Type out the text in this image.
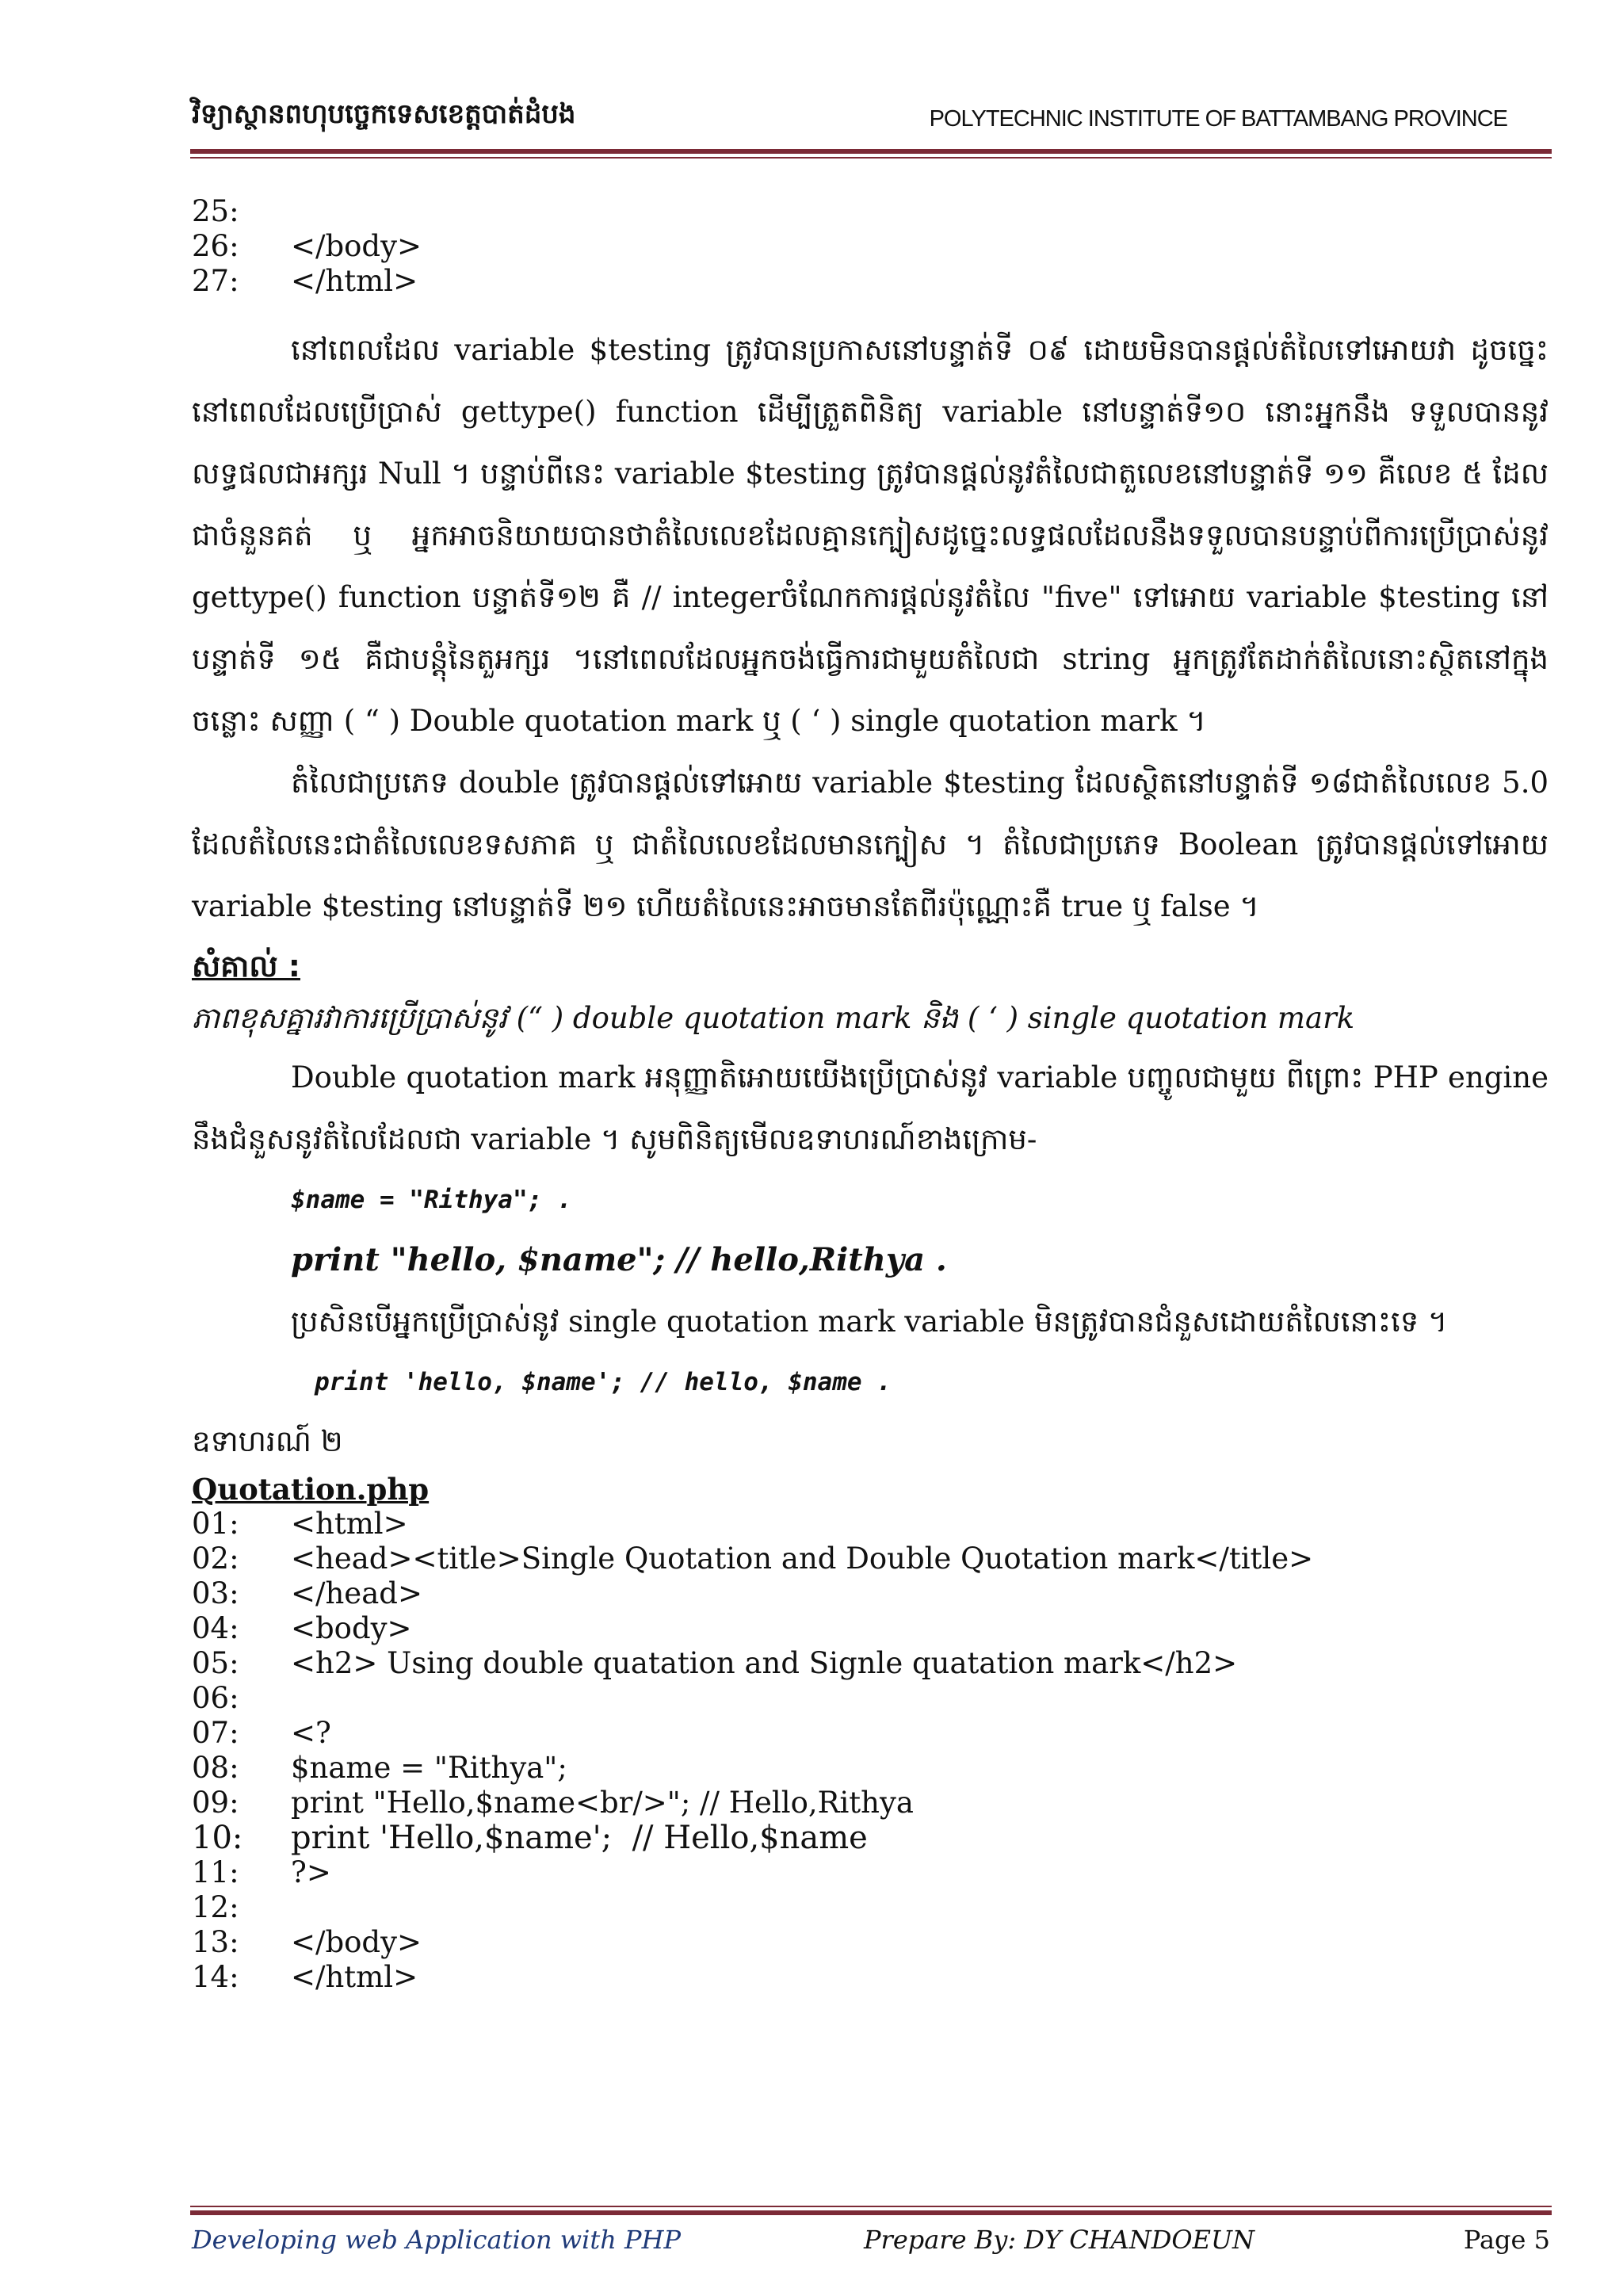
វិទ្យាស្ថានពហុបច្ចេកទេសខេត្តបាត់ដំបង	POLYTECHNIC INSTITUTE OF BATTAMBANG PROVINCE
25:
26:	</body>
27:	</html>

នៅពេលដែល variable $testing ត្រូវបានប្រកាសនៅបន្ទាត់ទី ០៩ ដោយមិនបានផ្តល់តំលៃទៅអោយវា ដូចច្នេះនៅពេលដែលប្រើប្រាស់ gettype() function ដើម្បីត្រួតពិនិត្យ variable នៅបន្ទាត់ទី១០ នោះអ្នកនឹង ទទួលបាននូវ លទ្ធផលជាអក្សរ Null ។ បន្ទាប់ពីនេះ variable $testing ត្រូវបានផ្តល់នូវតំលៃជាតួលេខនៅបន្ទាត់ទី ១១ គឺលេខ ៥ ដែលជាចំនួនគត់ ឬ អ្នកអាចនិយាយបានថាតំលៃលេខដែលគ្មានក្បៀសដូច្នេះលទ្ធផលដែលនឹងទទួលបានបន្ទាប់ពីការប្រើប្រាស់នូវ gettype() function បន្ទាត់ទី១២ គឺ // integerចំណែកការផ្តល់នូវតំលៃ "five" ទៅអោយ variable $testing នៅបន្ទាត់ទី ១៥ គឺជាបន្តុំនៃតួអក្សរ ។នៅពេលដែលអ្នកចង់ធ្វើការជាមួយតំលៃជា string អ្នកត្រូវតែដាក់តំលៃនោះស្ថិតនៅក្នុងចន្លោះ សញ្ញា ( “ ) Double quotation mark ឬ ( ‘ ) single quotation mark ។

តំលៃជាប្រភេទ double ត្រូវបានផ្តល់ទៅអោយ variable $testing ដែលស្ថិតនៅបន្ទាត់ទី ១៨ជាតំលៃលេខ 5.0 ដែលតំលៃនេះជាតំលៃលេខទសភាគ ឬ ជាតំលៃលេខដែលមានក្បៀស ។ តំលៃជាប្រភេទ Boolean ត្រូវបានផ្តល់ទៅអោយ variable $testing នៅបន្ទាត់ទី ២១ ហើយតំលៃនេះអាចមានតែពីរប៉ុណ្ណោះគឺ true ឬ false ។

សំគាល់ :
ភាពខុសគ្នារវាការប្រើប្រាស់នូវ (“ ) double quotation mark និង ( ‘ ) single quotation mark

Double quotation mark អនុញ្ញាតិអោយយើងប្រើប្រាស់នូវ variable បញ្ចូលជាមួយ ពីព្រោះ PHP engine នឹងជំនួសនូវតំលៃដែលជា variable ។ សូមពិនិត្យមើលឧទាហរណ៍ខាងក្រោម-

$name = "Rithya"; .
print "hello, $name"; // hello,Rithya .
ប្រសិនបើអ្នកប្រើប្រាស់នូវ single quotation mark variable មិនត្រូវបានជំនួសដោយតំលៃនោះទេ ។
print 'hello, $name'; // hello, $name .
ឧទាហរណ៍ ២
Quotation.php
01:	<html>
02:	<head><title>Single Quotation and Double Quotation mark</title>
03:	</head>
04:	<body>
05:	<h2> Using double quatation and Signle quatation mark</h2>
06:
07:	<?
08:	$name = "Rithya";
09:	print "Hello,$name<br/>"; // Hello,Rithya
10:	print 'Hello,$name';  // Hello,$name
11:	?>
12:
13:	</body>
14:	</html>
Developing web Application with PHP	Prepare By: DY CHANDOEUN	Page 5
